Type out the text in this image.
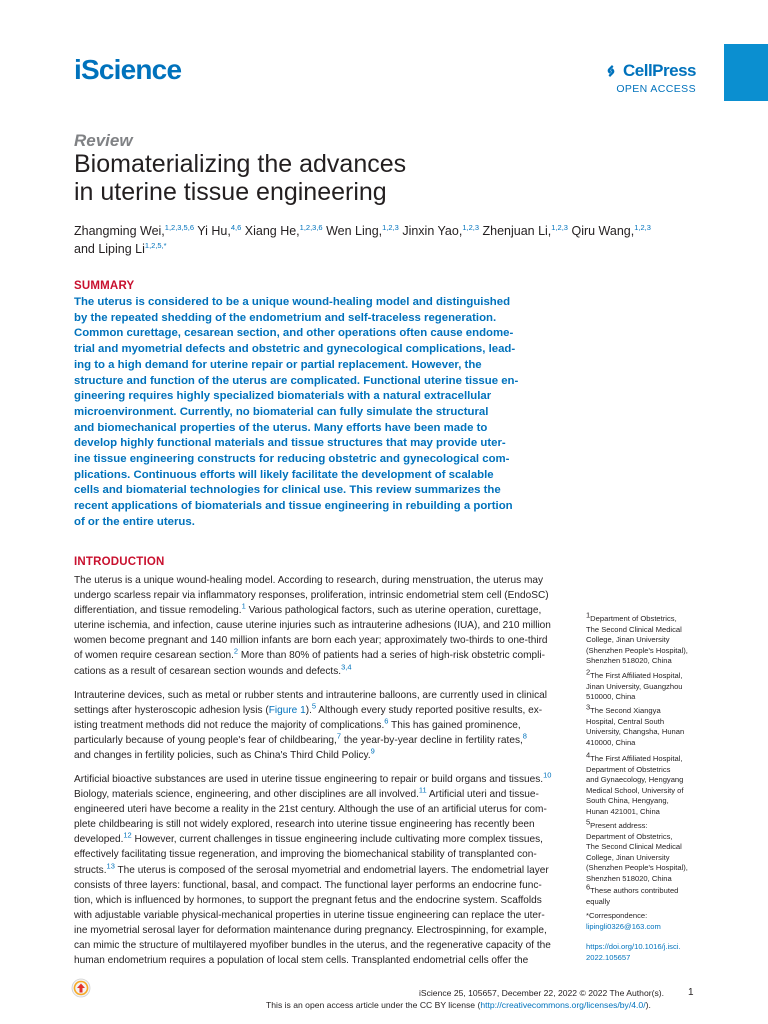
iScience	CellPress
OPEN ACCESS
Review
Biomaterializing the advances
in uterine tissue engineering
Zhangming Wei,$^{1,2,3,5,6}$ Yi Hu,$^{4,6}$ Xiang He,$^{1,2,3,6}$ Wen Ling,$^{1,2,3}$ Jinxin Yao,$^{1,2,3}$ Zhenjuan Li,$^{1,2,3}$ Qiru Wang,$^{1,2,3}$
and Liping $Li^{1,2,5,*}$
SUMMARY
The uterus is considered to be a unique wound-healing model and distinguished
by the repeated shedding of the endometrium and self-traceless regeneration.
Common curettage, cesarean section, and other operations often cause endome-
trial and myometrial defects and obstetric and gynecological complications, lead-
ing to a high demand for uterine repair or partial replacement. However, the
structure and function of the uterus are complicated. Functional uterine tissue en-
gineering requires highly specialized biomaterials with a natural extracellular
microenvironment. Currently, no biomaterial can fully simulate the structural
and biomechanical properties of the uterus. Many efforts have been made to
develop highly functional materials and tissue structures that may provide uter-
ine tissue engineering constructs for reducing obstetric and gynecological com-
plications. Continuous efforts will likely facilitate the development of scalable
cells and biomaterial technologies for clinical use. This review summarizes the
recent applications of biomaterials and tissue engineering in rebuilding a portion
of or the entire uterus.
INTRODUCTION
The uterus is a unique wound-healing model. According to research, during menstruation, the uterus may
undergo scarless repair via inflammatory responses, proliferation, intrinsic endometrial stem cell (EndoSC)
differentiation, and tissue remodeling.$^1$ Various pathological factors, such as uterine operation, curettage,
uterine ischemia, and infection, cause uterine injuries such as intrauterine adhesions (IUA), and 210 million
women become pregnant and 140 million infants are born each year; approximately two-thirds to one-third
of women require cesarean section.$^2$ More than 80% of patients had a series of high-risk obstetric compli-
cations as a result of cesarean section wounds and defects.$^{3,4}$
Intrauterine devices, such as metal or rubber stents and intrauterine balloons, are currently used in clinical
settings after hysteroscopic adhesion lysis (Figure 1).$^5$ Although every study reported positive results, ex-
isting treatment methods did not reduce the majority of complications.$^6$ This has gained prominence,
particularly because of young people's fear of childbearing,$^7$ the year-by-year decline in fertility rates,$^8$
and changes in fertility policies, such as China's Third Child Policy.$^9$
Artificial bioactive substances are used in uterine tissue engineering to repair or build organs and tissues.$^{10}$
Biology, materials science, engineering, and other disciplines are all involved.$^{11}$ Artificial uteri and tissue-
engineered uteri have become a reality in the 21st century. Although the use of an artificial uterus for com-
plete childbearing is still not widely explored, research into uterine tissue engineering has recently been
developed.$^{12}$ However, current challenges in tissue engineering include cultivating more complex tissues,
effectively facilitating tissue regeneration, and improving the biomechanical stability of transplanted con-
structs.$^{13}$ The uterus is composed of the serosal myometrial and endometrial layers. The endometrial layer
consists of three layers: functional, basal, and compact. The functional layer performs an endocrine func-
tion, which is influenced by hormones, to support the pregnant fetus and the endocrine system. Scaffolds
with adjustable variable physical-mechanical properties in uterine tissue engineering can replace the uter-
ine myometrial serosal layer for deformation maintenance during pregnancy. Electrospinning, for example,
can mimic the structure of multilayered myofiber bundles in the uterus, and the regenerative capacity of the
human endometrium requires a population of local stem cells. Transplanted endometrial cells offer the
$^1$Department of Obstetrics,
The Second Clinical Medical
College, Jinan University
(Shenzhen People's Hospital),
Shenzhen 518020, China
$^2$The First Affiliated Hospital,
Jinan University, Guangzhou
510000, China
$^3$The Second Xiangya
Hospital, Central South
University, Changsha, Hunan
410000, China
$^4$The First Affiliated Hospital,
Department of Obstetrics
and Gynaecology, Hengyang
Medical School, University of
South China, Hengyang,
Hunan 421001, China
$^5$Present address:
Department of Obstetrics,
The Second Clinical Medical
College, Jinan University
(Shenzhen People's Hospital),
Shenzhen 518020, China
$^6$These authors contributed
equally
*Correspondence:
lipingli0326@163.com
https://doi.org/10.1016/j.isci.
2022.105657
iScience 25, 105657, December 22, 2022 © 2022 The Author(s). 1
This is an open access article under the CC BY license (http://creativecommons.org/licenses/by/4.0/).
